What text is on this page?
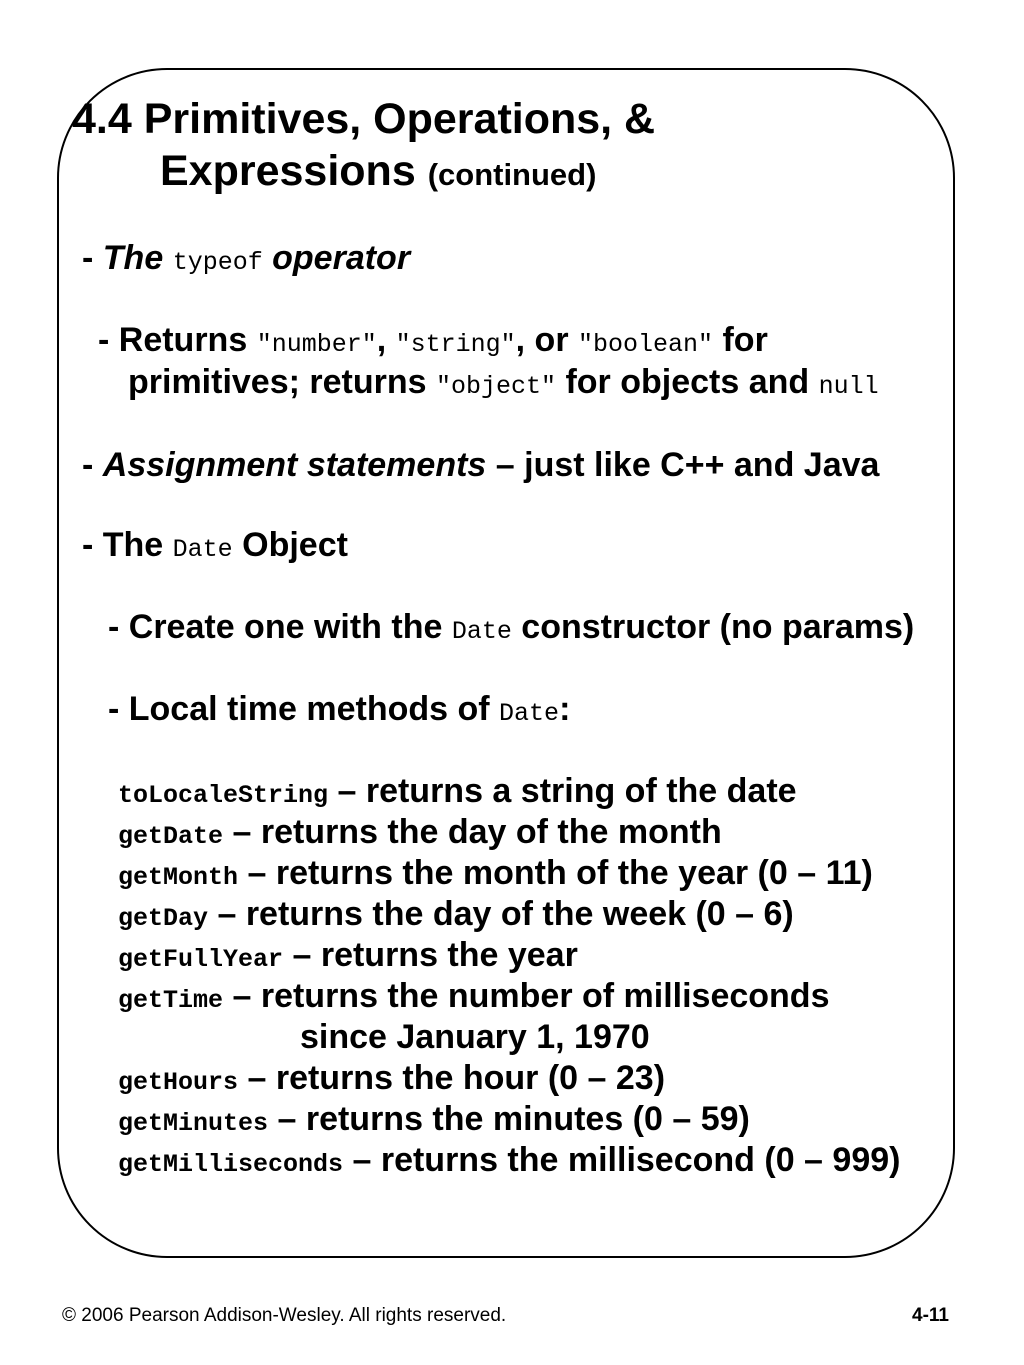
4.4 Primitives, Operations, &
Expressions (continued)
- The typeof operator
- Returns "number", "string", or "boolean" for
primitives; returns "object" for objects and null
- Assignment statements – just like C++ and Java
- The Date Object
- Create one with the Date constructor (no params)
- Local time methods of Date:
toLocaleString – returns a string of the date
getDate – returns the day of the month
getMonth – returns the month of the year (0 – 11)
getDay – returns the day of the week (0 – 6)
getFullYear – returns the year
getTime – returns the number of milliseconds
since January 1, 1970
getHours – returns the hour (0 – 23)
getMinutes – returns the minutes (0 – 59)
getMilliseconds – returns the millisecond (0 – 999)
© 2006 Pearson Addison-Wesley. All rights reserved.	4-11
